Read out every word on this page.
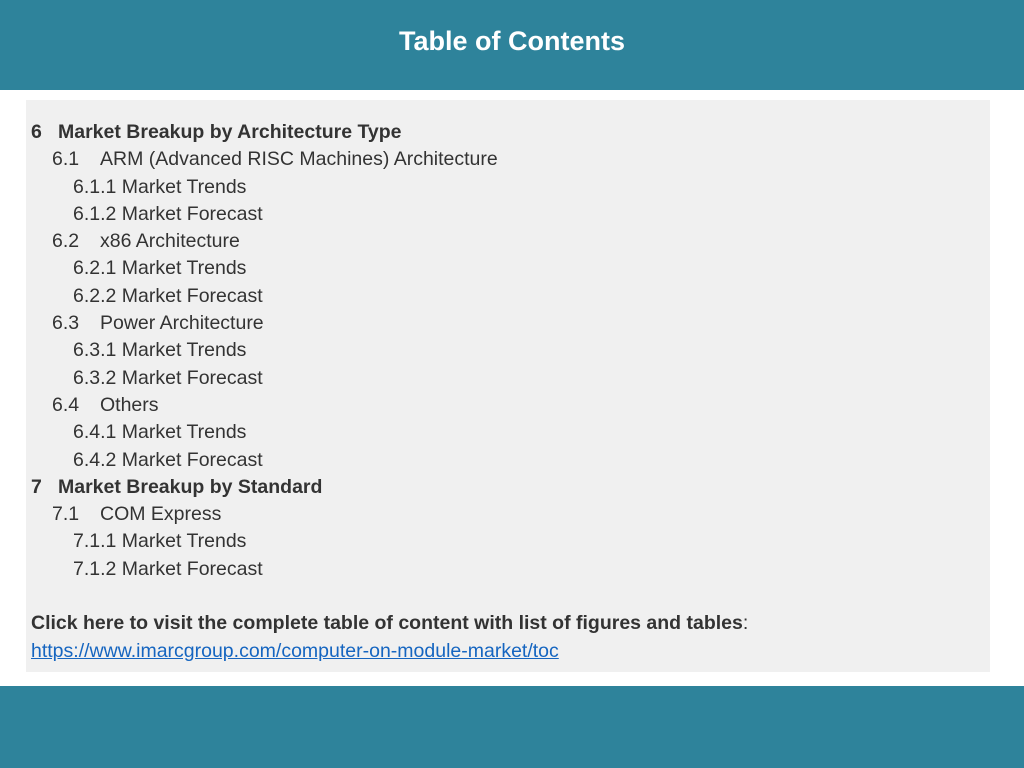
Table of Contents
6 Market Breakup by Architecture Type
6.1 ARM (Advanced RISC Machines) Architecture
6.1.1 Market Trends
6.1.2 Market Forecast
6.2 x86 Architecture
6.2.1 Market Trends
6.2.2 Market Forecast
6.3 Power Architecture
6.3.1 Market Trends
6.3.2 Market Forecast
6.4 Others
6.4.1 Market Trends
6.4.2 Market Forecast
7 Market Breakup by Standard
7.1 COM Express
7.1.1 Market Trends
7.1.2 Market Forecast
Click here to visit the complete table of content with list of figures and tables:
https://www.imarcgroup.com/computer-on-module-market/toc
